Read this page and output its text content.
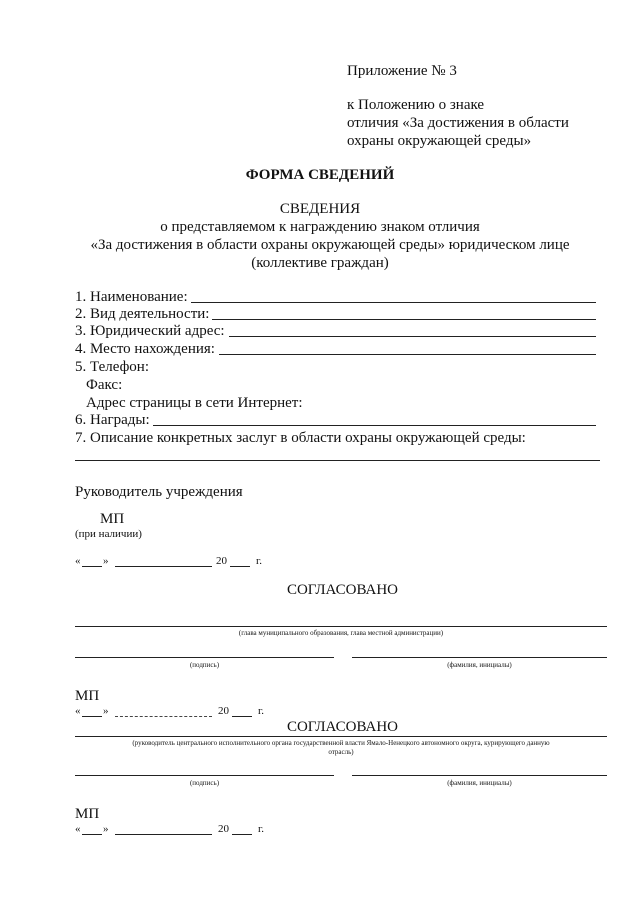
Приложение № 3
к Положению о знаке
отличия «За достижения в области
охраны окружающей среды»
ФОРМА СВЕДЕНИЙ
СВЕДЕНИЯ
о представляемом к награждению знаком отличия
«За достижения в области охраны окружающей среды» юридическом лице
(коллективе граждан)
1. Наименование:
2. Вид деятельности:
3. Юридический адрес:
4. Место нахождения:
5. Телефон:
Факс:
Адрес страницы в сети Интернет:
6. Награды:
7. Описание конкретных заслуг в области охраны окружающей среды:
Руководитель учреждения
МП
(при наличии)
« »	20	г.
СОГЛАСОВАНО
(глава муниципального образования, глава местной администрации)
(подпись)	(фамилия, инициалы)
МП
« »	20	г.
СОГЛАСОВАНО
(руководитель центрального исполнительного органа государственной власти Ямало-Ненецкого автономного округа, курирующего данную
отрасль)
(подпись)	(фамилия, инициалы)
МП
« »	20	г.
